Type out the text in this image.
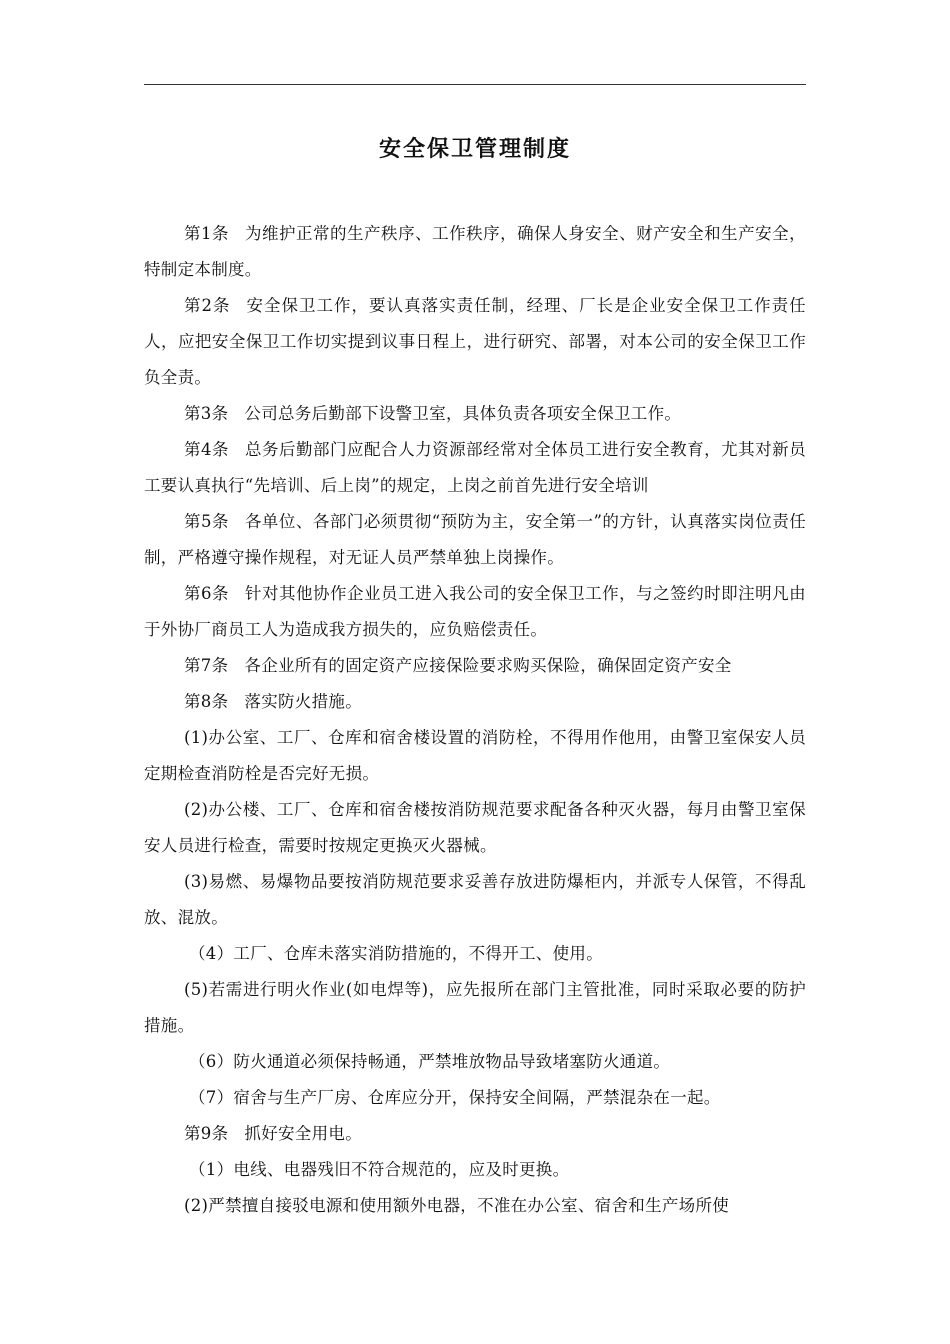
安全保卫管理制度

第1条 为维护正常的生产秩序、工作秩序，确保人身安全、财产安全和生产安全，特制定本制度。

第2条 安全保卫工作，要认真落实责任制，经理、厂长是企业安全保卫工作责任人，应把安全保卫工作切实提到议事日程上，进行研究、部署，对本公司的安全保卫工作负全责。

第3条 公司总务后勤部下设警卫室，具体负责各项安全保卫工作。

第4条 总务后勤部门应配合人力资源部经常对全体员工进行安全教育，尤其对新员工要认真执行“先培训、后上岗”的规定，上岗之前首先进行安全培训

第5条 各单位、各部门必须贯彻“预防为主，安全第一”的方针，认真落实岗位责任制，严格遵守操作规程，对无证人员严禁单独上岗操作。

第6条 针对其他协作企业员工进入我公司的安全保卫工作，与之签约时即注明凡由于外协厂商员工人为造成我方损失的，应负赔偿责任。

第7条 各企业所有的固定资产应接保险要求购买保险，确保固定资产安全

第8条 落实防火措施。

(1)办公室、工厂、仓库和宿舍楼设置的消防栓，不得用作他用，由警卫室保安人员定期检查消防栓是否完好无损。

(2)办公楼、工厂、仓库和宿舍楼按消防规范要求配备各种灭火器，每月由警卫室保安人员进行检查，需要时按规定更换灭火器械。

(3)易燃、易爆物品要按消防规范要求妥善存放进防爆柜内，并派专人保管，不得乱放、混放。

（4）工厂、仓库未落实消防措施的，不得开工、使用。

(5)若需进行明火作业(如电焊等)，应先报所在部门主管批准，同时采取必要的防护措施。

（6）防火通道必须保持畅通，严禁堆放物品导致堵塞防火通道。

（7）宿舍与生产厂房、仓库应分开，保持安全间隔，严禁混杂在一起。

第9条 抓好安全用电。

（1）电线、电器残旧不符合规范的，应及时更换。

(2)严禁擅自接驳电源和使用额外电器，不准在办公室、宿舍和生产场所使
